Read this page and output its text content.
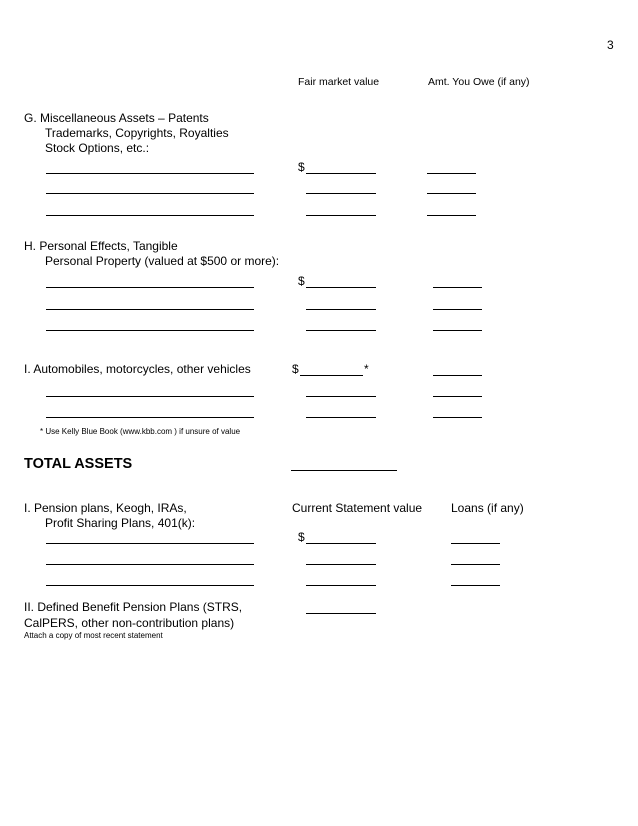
3
Fair market value	Amt. You Owe (if any)
G. Miscellaneous Assets – Patents
Trademarks, Copyrights, Royalties
Stock Options, etc.:
$
H. Personal Effects, Tangible
Personal Property (valued at $500 or more):
$
I. Automobiles, motorcycles, other vehicles	$	*
* Use Kelly Blue Book (www.kbb.com ) if unsure of value
TOTAL ASSETS
I. Pension plans, Keogh, IRAs,
Profit Sharing Plans, 401(k):
Current Statement value Loans (if any)
$
II. Defined Benefit Pension Plans (STRS,
CalPERS, other non-contribution plans)
Attach a copy of most recent statement
